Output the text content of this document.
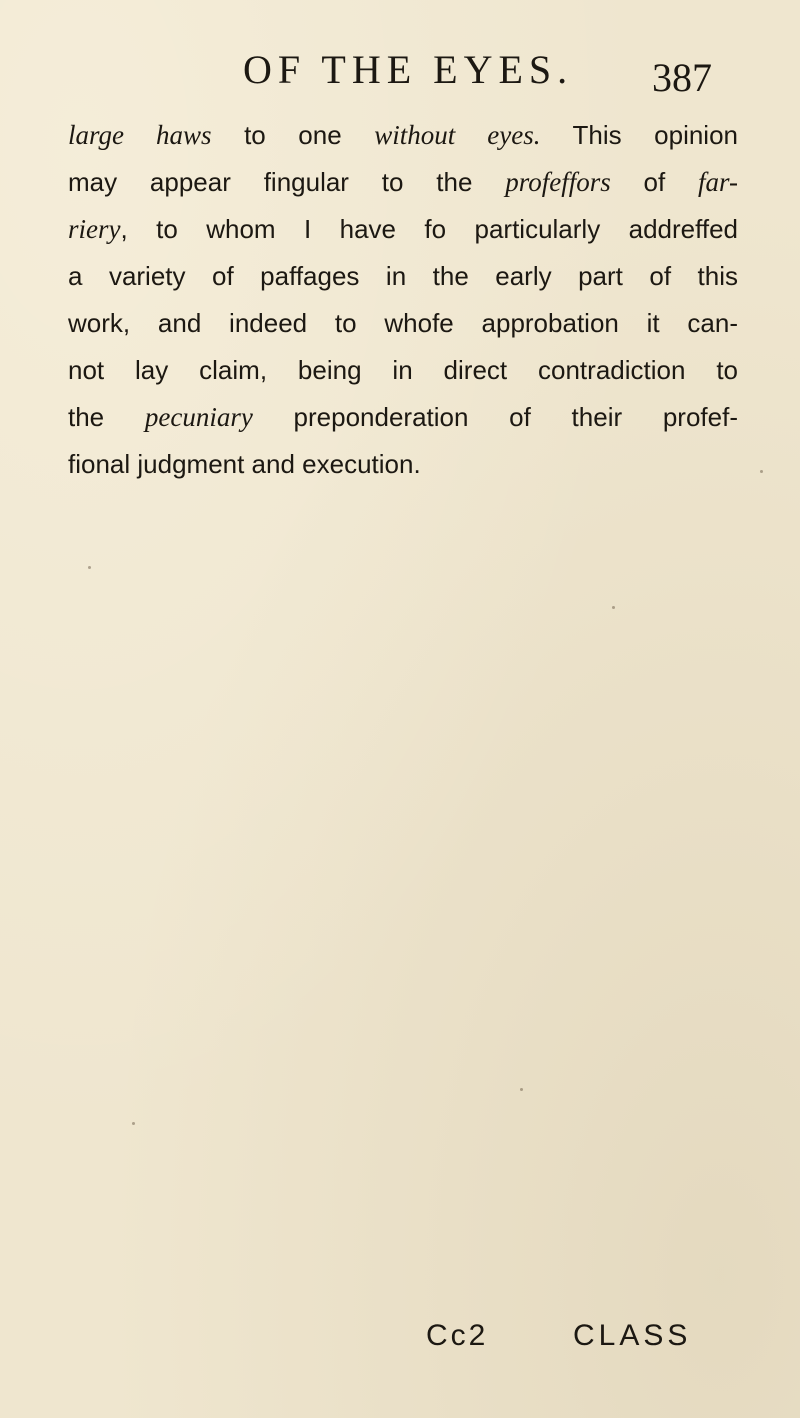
OF THE EYES. 387
large haws to one without eyes. This opinion
may appear fingular to the profeffors of far-
riery, to whom I have fo particularly addreffed
a variety of paffages in the early part of this
work, and indeed to whofe approbation it can-
not lay claim, being in direct contradiction to
the pecuniary preponderation of their profef-
fional judgment and execution.
Cc2	CLASS
